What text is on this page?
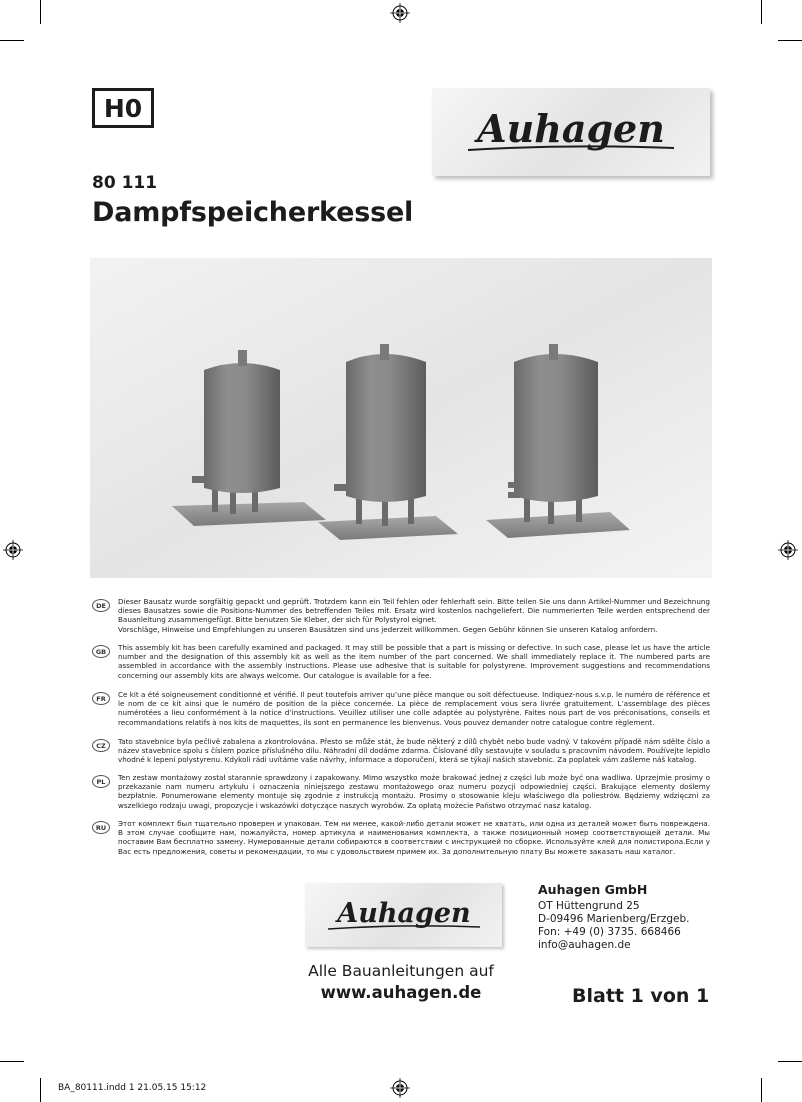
H0	Auhagen
80 111
Dampfspeicherkessel
DE	Dieser Bausatz wurde sorgfältig gepackt und geprüft. Trotzdem kann ein Teil fehlen oder fehlerhaft sein. Bitte teilen Sie uns dann Artikel-Nummer und Bezeichnung dieses Bausatzes sowie die Positions-Nummer des betreffenden Teiles mit. Ersatz wird kostenlos nachgeliefert. Die nummerierten Teile werden entsprechend der Bauanleitung zusammengefügt. Bitte benutzen Sie Kleber, der sich für Polystyrol eignet.
Vorschläge, Hinweise und Empfehlungen zu unseren Bausätzen sind uns jederzeit willkommen. Gegen Gebühr können Sie unseren Katalog anfordern.
GB	This assembly kit has been carefully examined and packaged. It may still be possible that a part is missing or defective. In such case, please let us have the article number and the designation of this assembly kit as well as the item number of the part concerned. We shall immediately replace it. The numbered parts are assembled in accordance with the assembly instructions. Please use adhesive that is suitable for polystyrene. Improvement suggestions and recommendations concerning our assembly kits are always welcome. Our catalogue is available for a fee.
FR	Ce kit a été soigneusement conditionné et vérifié. Il peut toutefois arriver qu’une pièce manque ou soit défectueuse. Indiquez-nous s.v.p. le numéro de référence et le nom de ce kit ainsi que le numéro de position de la pièce concernée. La pièce de remplacement vous sera livrée gratuitement. L’assemblage des pièces numérotées a lieu conformément à la notice d’instructions. Veuillez utiliser une colle adaptée au polystyrène. Faites nous part de vos préconisations, conseils et recommandations relatifs à nos kits de maquettes, ils sont en permanence les bienvenus. Vous pouvez demander notre catalogue contre règlement.
CZ	Tato stavebnice byla pečlivě zabalena a zkontrolována. Přesto se může stát, že bude některý z dílů chybět nebo bude vadný. V takovém případě nám sdělte číslo a název stavebnice spolu s číslem pozice příslušného dílu. Náhradní díl dodáme zdarma. Číslované díly sestavujte v souladu s pracovním návodem. Používejte lepidlo vhodné k lepení polystyrenu. Kdykoli rádi uvítáme vaše návrhy, informace a doporučení, která se týkají našich stavebnic. Za poplatek vám zašleme náš katalog.
PL	Ten zestaw montażowy został starannie sprawdzony i zapakowany. Mimo wszystko może brakować jednej z części lub może być ona wadliwa. Uprzejmie prosimy o przekazanie nam numeru artykułu i oznaczenia niniejszego zestawu montażowego oraz numeru pozycji odpowiedniej części. Brakujące elementy doślemy bezpłatnie. Ponumerowane elementy montuje się zgodnie z instrukcją montażu. Prosimy o stosowanie kleju właściwego dla poliestrów. Będziemy wdzięczni za wszelkiego rodzaju uwagi, propozycje i wskazówki dotyczące naszych wyrobów. Za opłatą możecie Państwo otrzymać nasz katalog.
RU	Этот комплект был тщательно проверен и упакован. Тем ни менее, какой-либо детали может не хватать, или одна из деталей может быть повреждена. В этом случае сообщите нам, пожалуйста, номер артикула и наименования комплекта, а также позиционный номер соответствующей детали. Мы поставим Вам бесплатно замену. Нумерованные детали собираются в соответствии с инструкцией по сборке. Используйте клей для полистирола.Если у Вас есть предложения, советы и рекомендации, то мы с удовольствием примем их. За дополнительную плату Вы можете заказать наш каталог.
Auhagen
Auhagen GmbH
OT Hüttengrund 25
D-09496 Marienberg/Erzgeb.
Fon: +49 (0) 3735. 668466
info@auhagen.de
Alle Bauanleitungen auf
www.auhagen.de	Blatt 1 von 1
BA_80111.indd 1 21.05.15 15:12
